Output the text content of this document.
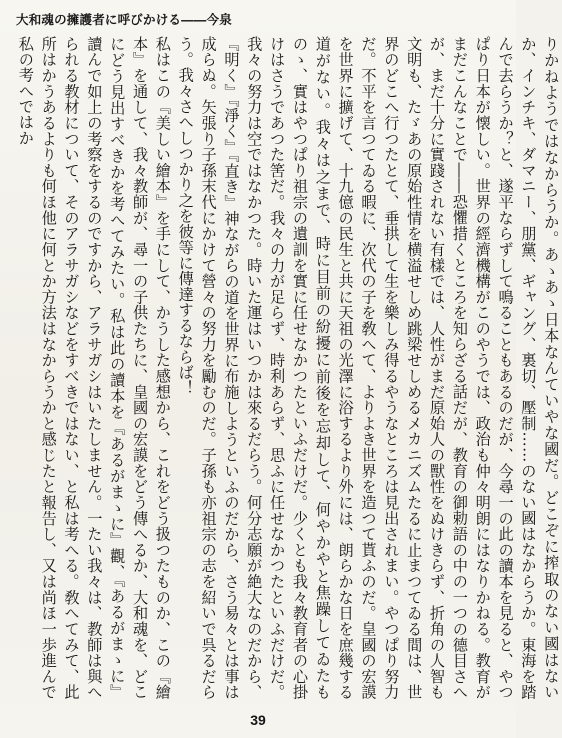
大和魂の擁護者に呼びかける――今泉

りかねようではなからうか。あゝあゝ日本なんていやな國だ。どこぞに搾取のない國はないか、インチキ、ダマニー、朋黨、ギャング、裏切、壓制……のない國はなからうか。東海を踏んで去らうか？と、遂平ならずして鳴ることもあるのだが、今尋一の此の讀本を見ると、やつぱり日本が懐しい。世界の經濟機構がこのやうでは、政治も仲々明朗にはなりかねる。教育がまだこんなことで――恐懼措くところを知らざる話だが、教育の御勅語の中の一つの德目さへが、まだ十分に實踐されない有樣では、人性がまだ原始人の獸性をぬけきらず、折角の人智も文明も、たゞあの原始性情を横溢せしめ跳梁せしめるメカニズムたるに止まつてゐる間は、世界のどこへ行つたとて、垂拱して生を樂しみ得るやうなところは見出されまい。やつぱり努力だ。不平を言つてゐる暇に、次代の子を敎へて、よりよき世界を造つて貰ふのだ。皇國の宏謨を世界に擴げて、十九億の民生と共に天祖の光澤に浴するより外には、朗らかな日を庶幾する道がない。我々は之まで、時に目前の紛擾に前後を忘却して、何やかやと焦躁してゐたものゝ、實はやつぱり祖宗の遺訓を實に任せなかつたといふだけだ。少くとも我々教育者の心掛けはさうであつた筈だ。我々の力が足らず、時利あらず、思ふに任せなかつたといふだけだ。我々の努力は空ではなかつた。時いた運はいつかは來るだらう。何分志願が絶大なのだから、『明く』『淨く』『直き』神ながらの道を世界に布施しようといふのだから、さう易々とは事は成らぬ。矢張り子孫末代にかけて營々の努力を勵むのだ。子孫も亦祖宗の志を紹いで呉るだらう。我々さへしつかり之を彼等に傳達するならば！

私はこの『美しい繪本』を手にして、かうした感想から、これをどう扱つたものか、この『繪本』を通して、我々教師が、尋一の子供たちに、皇國の宏謨をどう傳へるか、大和魂を、どこにどう見出すべきかを考へてみたい。私は此の讀本を『あるがまゝに』觀、『あるがまゝに』讀んで如上の考察をするのですから、アラサガシはいたしません。一たい我々は、教師は與へられる教材について、そのアラサガシなどをすべきではない、と私は考へる。敎へてみて、此所はかうあるよりも何ほ他に何とか方法はなからうかと感じたと報告し、又は尚ほ一歩進んで私の考へではか

39
